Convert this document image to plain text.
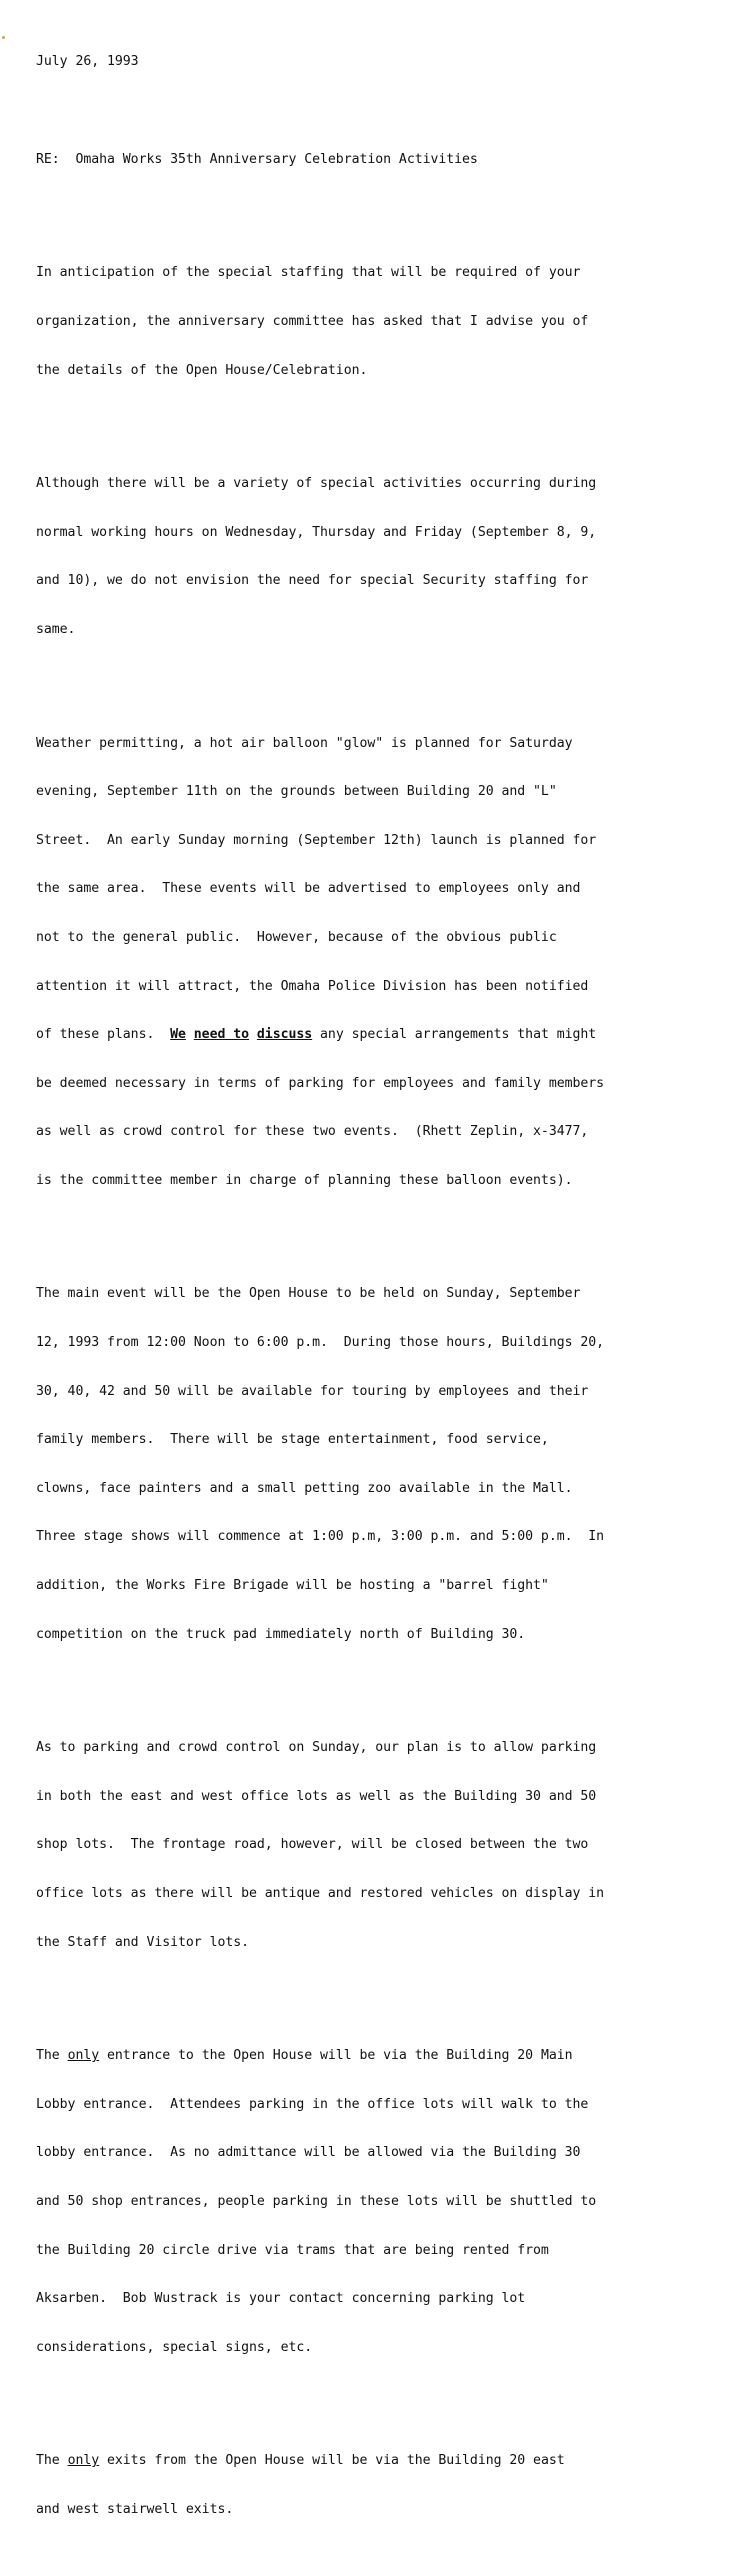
July 26, 1993

RE: Omaha Works 35th Anniversary Celebration Activities

In anticipation of the special staffing that will be required of your

organization, the anniversary committee has asked that I advise you of

the details of the Open House/Celebration.

Although there will be a variety of special activities occurring during

normal working hours on Wednesday, Thursday and Friday (September 8, 9,

and 10), we do not envision the need for special Security staffing for

same.

Weather permitting, a hot air balloon "glow" is planned for Saturday

evening, September 11th on the grounds between Building 20 and "L"

Street.  An early Sunday morning (September 12th) launch is planned for

the same area.  These events will be advertised to employees only and

not to the general public.  However, because of the obvious public

attention it will attract, the Omaha Police Division has been notified

of these plans.  We need to discuss any special arrangements that might

be deemed necessary in terms of parking for employees and family members

as well as crowd control for these two events.  (Rhett Zeplin, x-3477,

is the committee member in charge of planning these balloon events).

The main event will be the Open House to be held on Sunday, September

12, 1993 from 12:00 Noon to 6:00 p.m.  During those hours, Buildings 20,

30, 40, 42 and 50 will be available for touring by employees and their

family members.  There will be stage entertainment, food service,

clowns, face painters and a small petting zoo available in the Mall.

Three stage shows will commence at 1:00 p.m, 3:00 p.m. and 5:00 p.m.  In

addition, the Works Fire Brigade will be hosting a "barrel fight"

competition on the truck pad immediately north of Building 30.

As to parking and crowd control on Sunday, our plan is to allow parking

in both the east and west office lots as well as the Building 30 and 50

shop lots.  The frontage road, however, will be closed between the two

office lots as there will be antique and restored vehicles on display in

the Staff and Visitor lots.

The only entrance to the Open House will be via the Building 20 Main

Lobby entrance.  Attendees parking in the office lots will walk to the

lobby entrance.  As no admittance will be allowed via the Building 30

and 50 shop entrances, people parking in these lots will be shuttled to

the Building 20 circle drive via trams that are being rented from

Aksarben.  Bob Wustrack is your contact concerning parking lot

considerations, special signs, etc.

The only exits from the Open House will be via the Building 20 east

and west stairwell exits.
